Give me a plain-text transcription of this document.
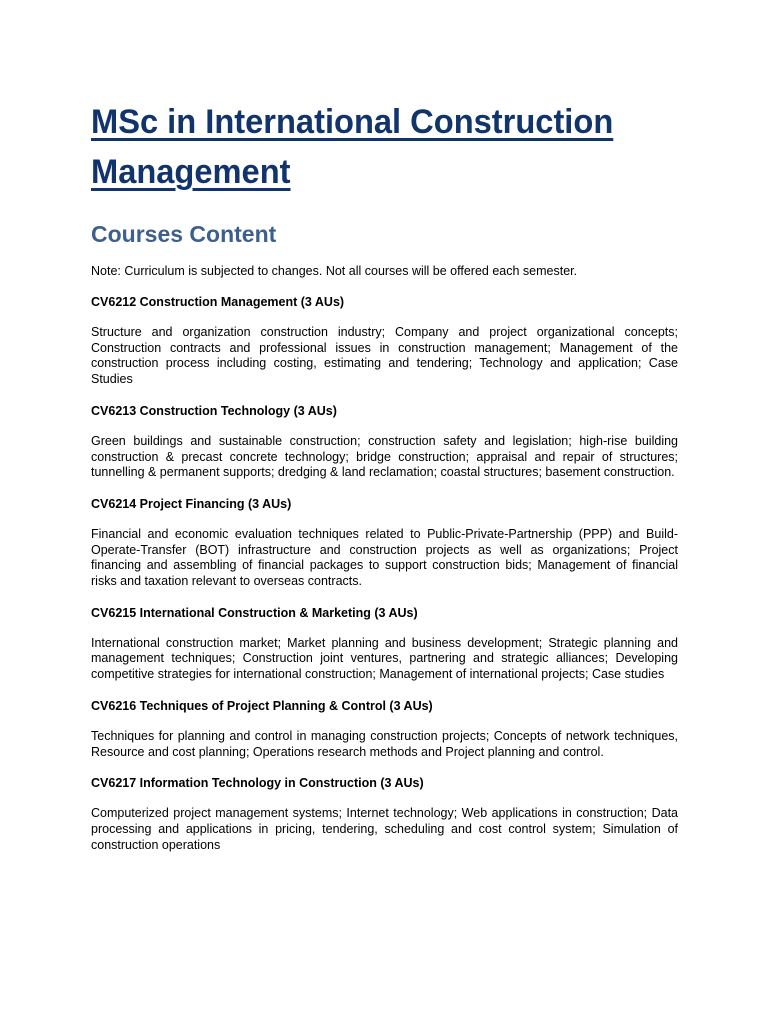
MSc in International Construction
Management
Courses Content

Note: Curriculum is subjected to changes. Not all courses will be offered each semester.

CV6212 Construction Management (3 AUs)

Structure and organization construction industry; Company and project organizational concepts; Construction contracts and professional issues in construction management; Management of the construction process including costing, estimating and tendering; Technology and application; Case Studies

CV6213 Construction Technology (3 AUs)

Green buildings and sustainable construction; construction safety and legislation; high-rise building construction & precast concrete technology; bridge construction; appraisal and repair of structures; tunnelling & permanent supports; dredging & land reclamation; coastal structures; basement construction.

CV6214 Project Financing (3 AUs)

Financial and economic evaluation techniques related to Public-Private-Partnership (PPP) and Build-Operate-Transfer (BOT) infrastructure and construction projects as well as organizations; Project financing and assembling of financial packages to support construction bids; Management of financial risks and taxation relevant to overseas contracts.

CV6215 International Construction & Marketing (3 AUs)

International construction market; Market planning and business development; Strategic planning and management techniques; Construction joint ventures, partnering and strategic alliances; Developing competitive strategies for international construction; Management of international projects; Case studies

CV6216 Techniques of Project Planning & Control (3 AUs)

Techniques for planning and control in managing construction projects; Concepts of network techniques, Resource and cost planning; Operations research methods and Project planning and control.

CV6217 Information Technology in Construction (3 AUs)

Computerized project management systems; Internet technology; Web applications in construction; Data processing and applications in pricing, tendering, scheduling and cost control system; Simulation of construction operations
